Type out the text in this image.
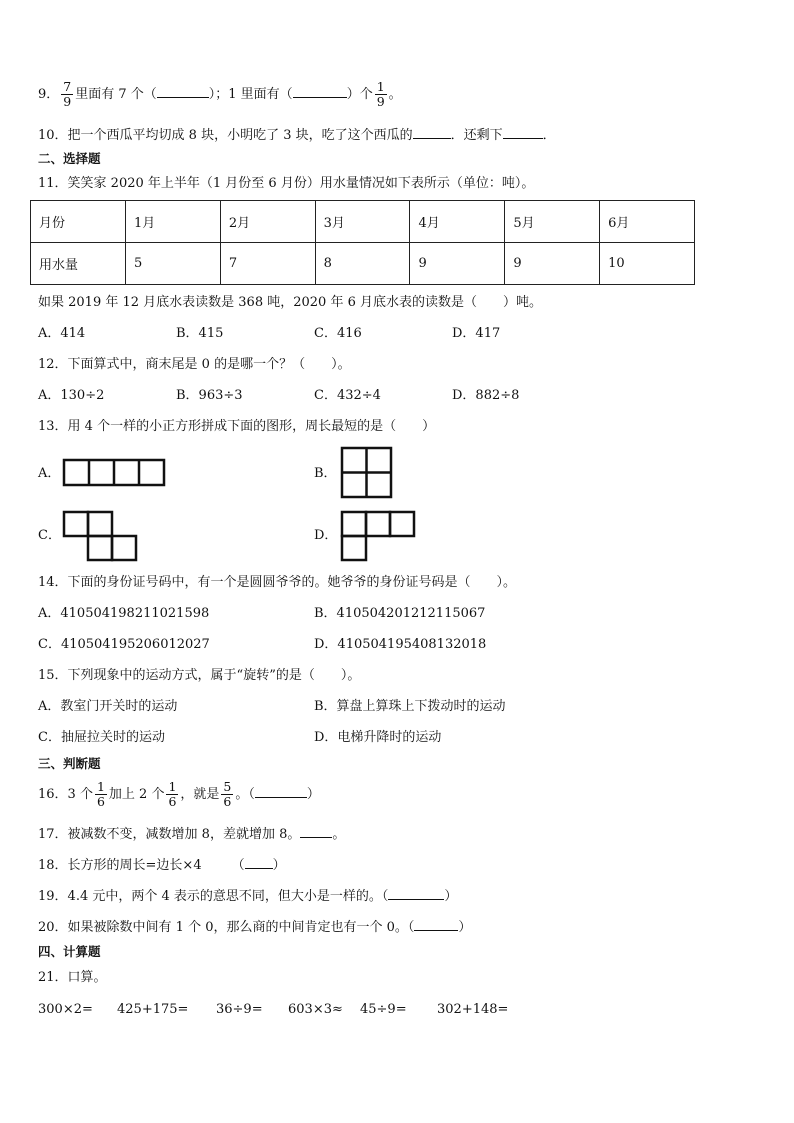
9． $\frac{7}{9}$ 里面有 7 个（	）；1 里面有（	）个 $\frac{1}{9}$ 。
10．把一个西瓜平均切成 8 块，小明吃了 3 块，吃了这个西瓜的	．还剩下	．
二、选择题
11．笑笑家 2020 年上半年（1 月份至 6 月份）用水量情况如下表所示（单位：吨）。
月份	1月	2月	3月	4月	5月	6月
用水量	5	7	8	9	9	10
如果 2019 年 12 月底水表读数是 368 吨，2020 年 6 月底水表的读数是（　　）吨。
A．414	B．415	C．416	D．417
12．下面算式中，商末尾是 0 的是哪一个？（　　）。
A．130÷2	B．963÷3	C．432÷4	D．882÷8
13．用 4 个一样的小正方形拼成下面的图形，周长最短的是（　　）
A．	B．
C．	D．
14．下面的身份证号码中，有一个是圆圆爷爷的。她爷爷的身份证号码是（　　）。
A．410504198211021598	B．410504201212115067
C．410504195206012027	D．410504195408132018
15．下列现象中的运动方式，属于“旋转”的是（　　）。
A．教室门开关时的运动	B．算盘上算珠上下拨动时的运动
C．抽屉拉关时的运动	D．电梯升降时的运动
三、判断题
16．3 个 $\frac{1}{6}$ 加上 2 个 $\frac{1}{6}$ ，就是 $\frac{5}{6}$ 。（	）
17．被减数不变，减数增加 8，差就增加 8。 。
18．长方形的周长=边长×4 （ ）
19．4.4 元中，两个 4 表示的意思不同，但大小是一样的。（	）
20．如果被除数中间有 1 个 0，那么商的中间肯定也有一个 0。（	）
四、计算题
21．口算。
300×2= 425+175= 36÷9= 603×3≈ 45÷9= 302+148=
